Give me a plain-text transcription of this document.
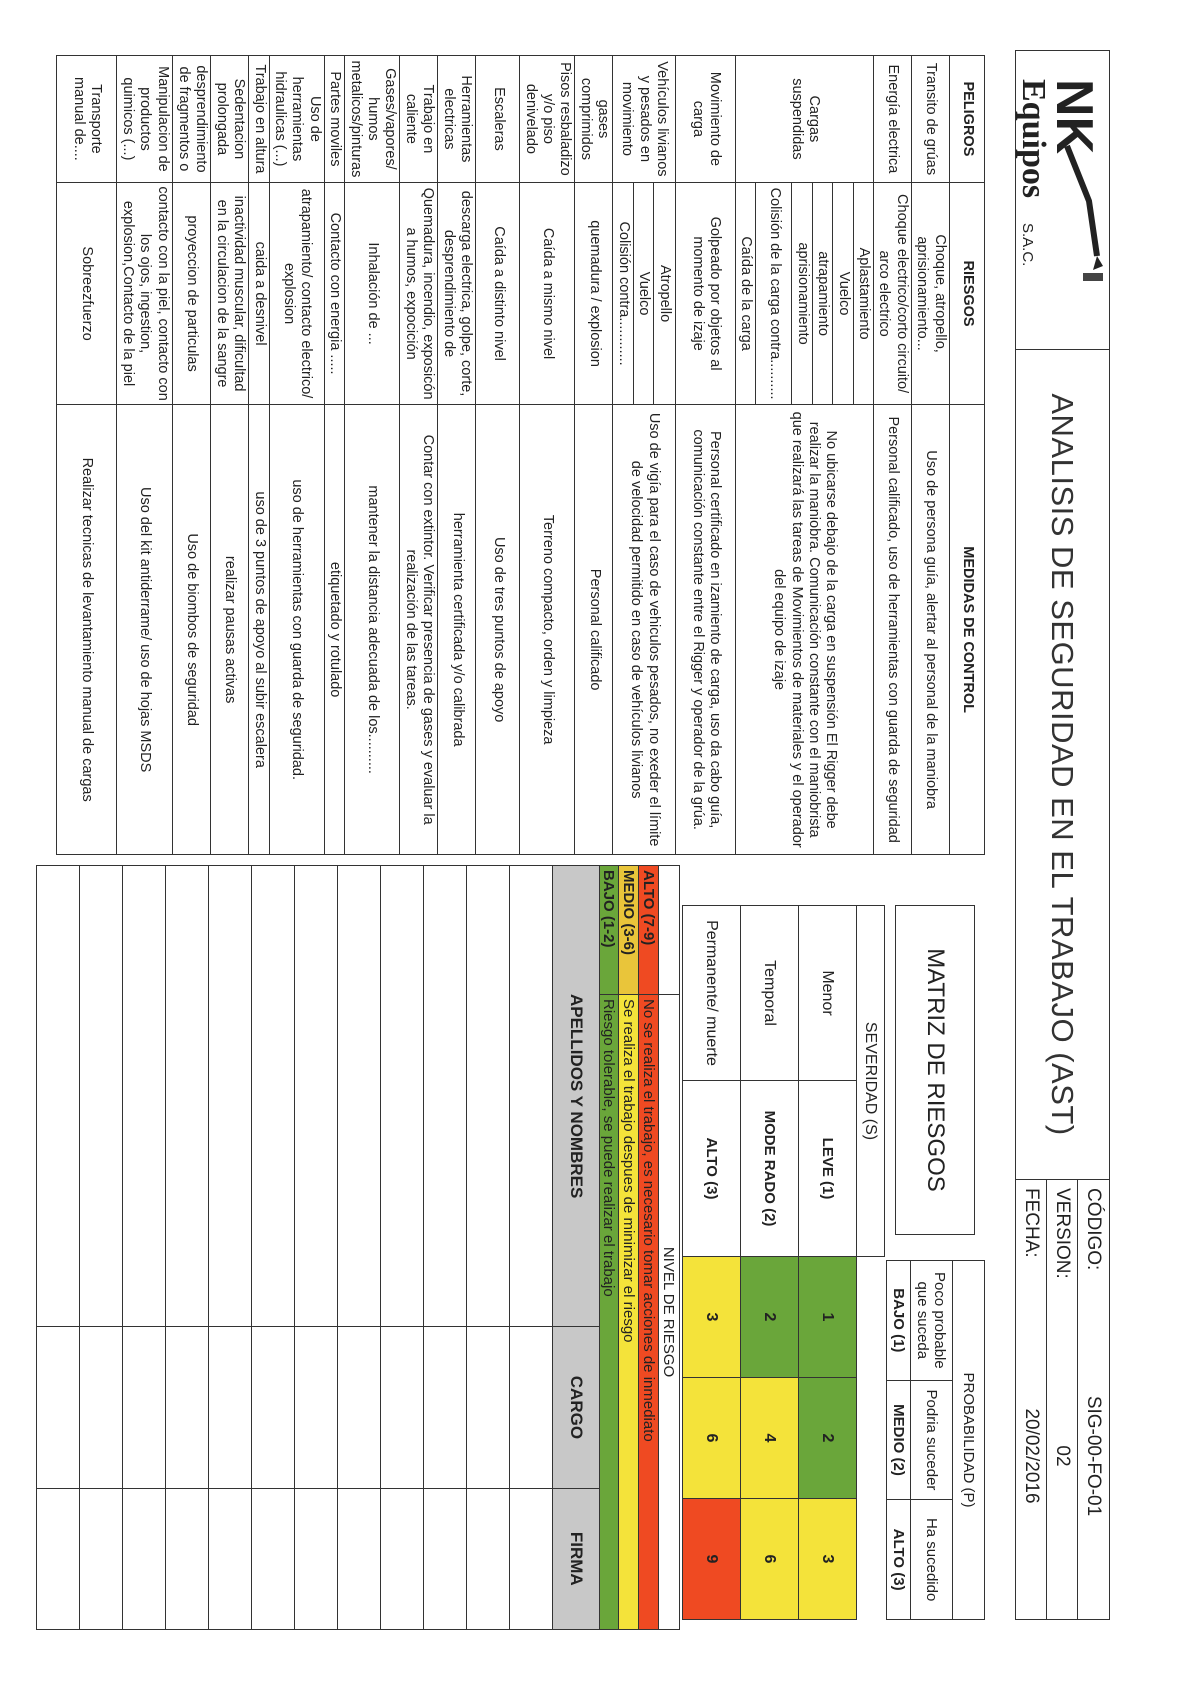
NK
Equipos
S.A.C.
ANALISIS DE SEGURIDAD EN EL TRABAJO (AST)
CÓDIGO:
SIG-00-FO-01
VERSION:
02
FECHA:
20/02/2016
PELIGROS	RIESGOS	MEDIDAS DE CONTROL
Transito de grúas	Choque, atropello, aprisionamiento...	Uso de persona guía, alertar al personal de la maniobra
Energía electrica	Choque electrico/corto circuito/ arco electrico	Personal calificado, uso de herramientas con guarda de seguridad
Cargas suspendidas	Aplastamiento	No ubicarse debajo de la carga en suspensión El Rigger debe realizar la maniobra. Comunicación constante con el maniobrista que realizará las tareas de Movimientos de materiales y el operador del equipo de izaje
	Vuelco	
	atrapamiento	
	aprisionamiento	
	Colisión de la carga contra..........	
	Caída de la carga	
Movimiento de carga	Golpeado por objetos al momento de izaje	Personal certificado en izamiento de carga, uso da cabo guía, comunicación constante entre el Rigger y operador de la grúa.
Vehículos livianos y pesados en movimiento	Atropello	Uso de vigía para el caso de vehiculos pesados, no exeder el límite de velocidad permitido en caso de vehículos livianos
	Vuelco	
	Colisión contra............	
gases comprimidos	quemadura / explosion	Personal calificado
Pisos resbaladizo y/o piso denivelado	Caída a mismo nivel	Terreno compacto, orden y limpieza
Escaleras	Caída a distinto nivel	Uso de tres puntos de apoyo
Herramientas electricas	descarga electrica, golpe, corte, desprendimiento de	herramienta certificada y/o calibrada
Trabajo en caliente	Quemadura, incendio, exposicón a humos, expocición	Contar con extintor. Verificar presencia de gases y evaluar la realización de las tareas.
Gases/vapores/ humos metalicos/pinturas	Inhalación de ...	mantener la distancia adecuada de los..........
Partes moviles	Contacto con energia .....	etiquetado y rotulado
Uso de herramientas hidraulicas (...)	atrapamiento/ contacto electrico/ explosion	uso de herramientas con guarda de seguridad.
Trabajo en altura	caida a desnivel	uso de 3 puntos de apoyo al subir escalera
Sedentacion prolongada	inactividad muscular, dificultad en la circulacion de la sangre	realizar pausas activas
desprendimiento de fragmentos o	proyeccion de particulas	Uso de biombos de seguridad
Manipulacion de productos quimicos (...)	contacto con la piel, contacto con los ojos, ingestion, explosion,Contacto de la piel	Uso del kit antiderrame/ uso de hojas MSDS
Transporte manual de....	Sobreezfuerzo	Realizar tecnicas de levantamiento manual de cargas
MATRIZ DE RIESGOS
PROBABILIDAD (P)		
Poco probable que suceda	Podria suceder	Ha sucedido
BAJO (1)	MEDIO (2)	ALTO (3)
SEVERIDAD (S)				
Menor	LEVE (1)	1	2	3
Temporal	MODE RADO (2)	2	4	6
Permanente/ muerte	ALTO (3)	3	6	9
	NIVEL DE RIESGO
ALTO (7-9)	No se realiza el trabajo, es necesario tomar acciones de inmediato
MEDIO (3-6)	Se realiza el trabajo despues de minimizar el riesgo
BAJO (1-2)	Riesgo tolerable, se puede realizar el trabajo
APELLIDOS Y NOMBRES	CARGO	FIRMA
